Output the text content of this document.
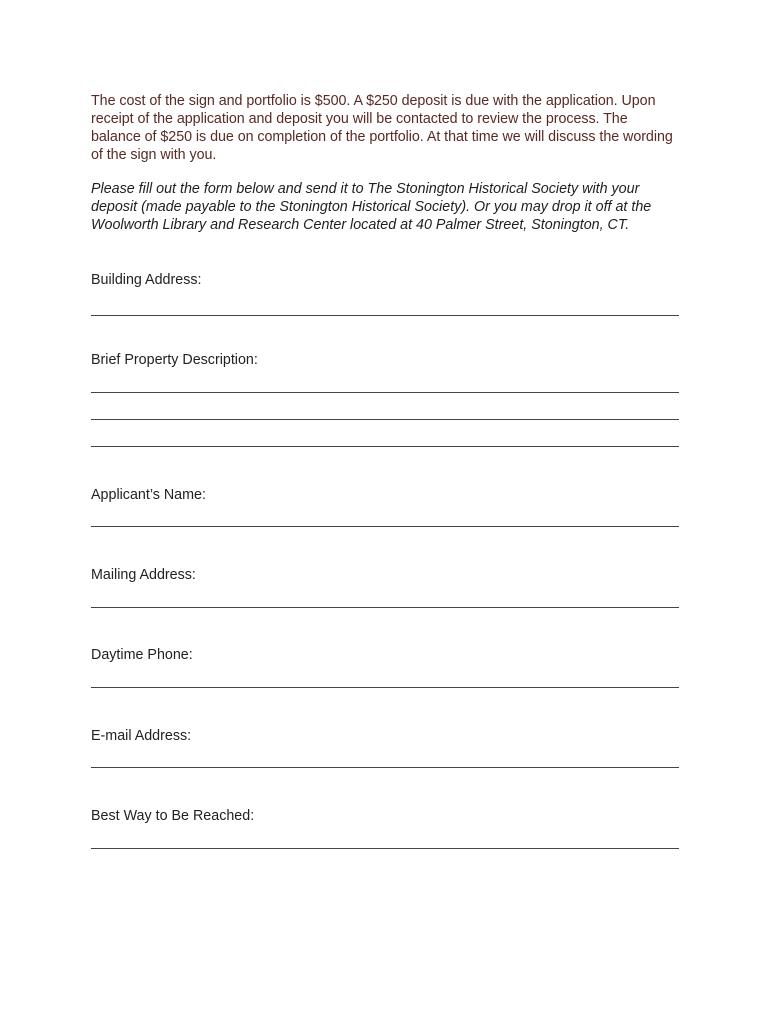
The cost of the sign and portfolio is $500. A $250 deposit is due with the application. Upon receipt of the application and deposit you will be contacted to review the process. The balance of $250 is due on completion of the portfolio. At that time we will discuss the wording of the sign with you.

Please fill out the form below and send it to The Stonington Historical Society with your deposit (made payable to the Stonington Historical Society). Or you may drop it off at the Woolworth Library and Research Center located at 40 Palmer Street, Stonington, CT.

Building Address:
Brief Property Description:
Applicant’s Name:
Mailing Address:
Daytime Phone:
E-mail Address:
Best Way to Be Reached:
